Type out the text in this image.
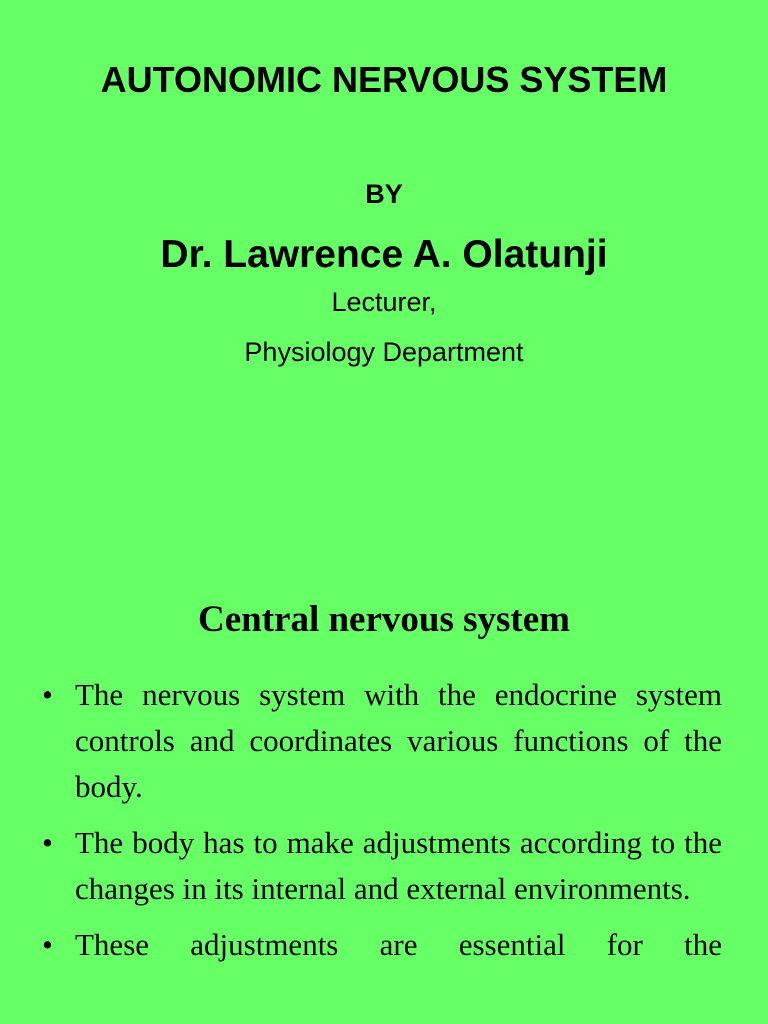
AUTONOMIC NERVOUS SYSTEM
BY
Dr. Lawrence A. Olatunji
Lecturer,
Physiology Department
Central nervous system
• The nervous system with the endocrine system controls and coordinates various functions of the body.
• The body has to make adjustments according to the changes in its internal and external environments.
• These adjustments are essential for the
